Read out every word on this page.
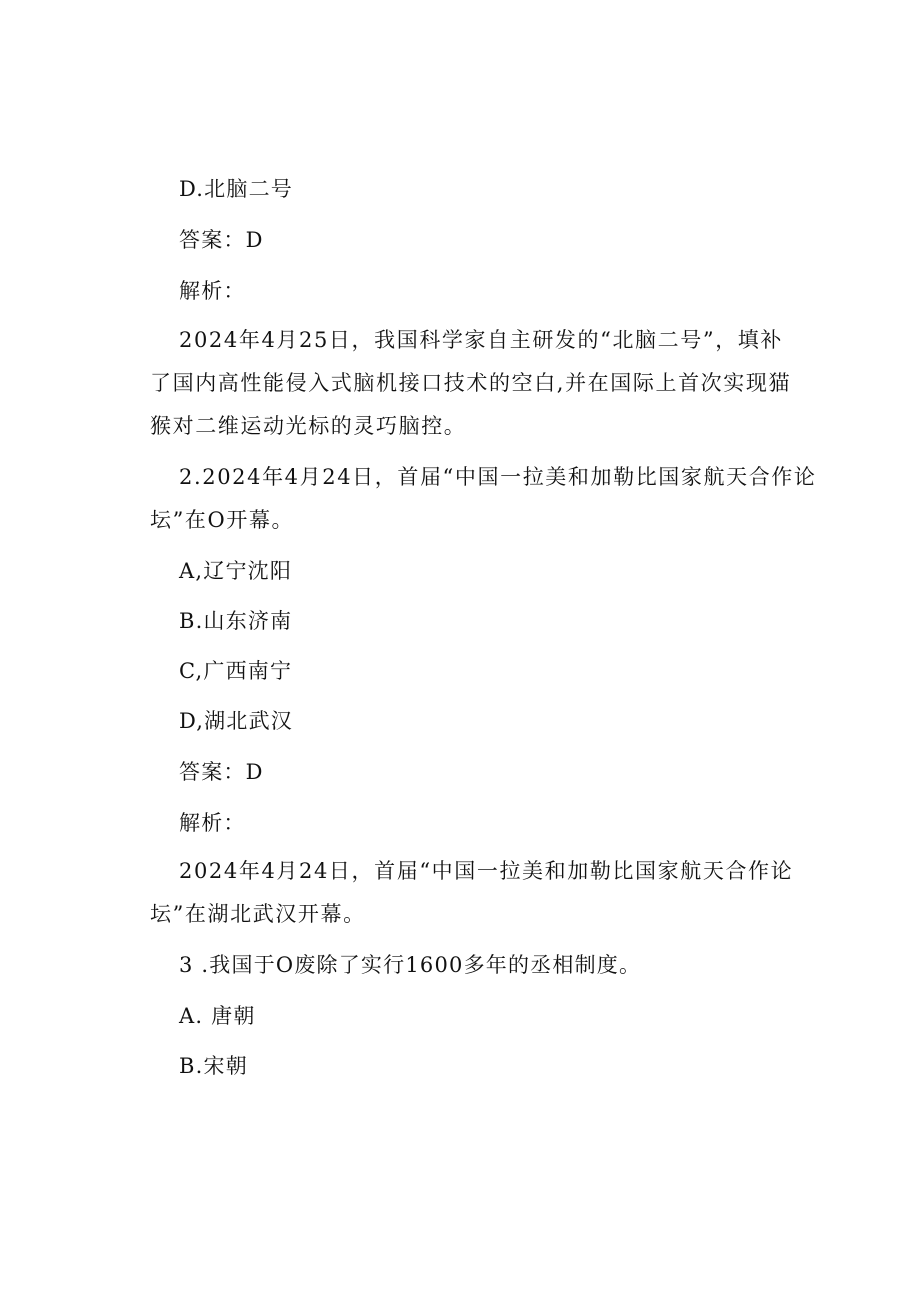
D.北脑二号
答案：D
解析：
2024年4月25日，我国科学家自主研发的“北脑二号”，填补
了国内高性能侵入式脑机接口技术的空白,并在国际上首次实现猫
猴对二维运动光标的灵巧脑控。
2.2024年4月24日，首届“中国一拉美和加勒比国家航天合作论
坛”在O开幕。
A,辽宁沈阳
B.山东济南
C,广西南宁
D,湖北武汉
答案：D
解析：
2024年4月24日，首届“中国一拉美和加勒比国家航天合作论
坛”在湖北武汉开幕。
3 .我国于O废除了实行1600多年的丞相制度。
A. 唐朝
B.宋朝
